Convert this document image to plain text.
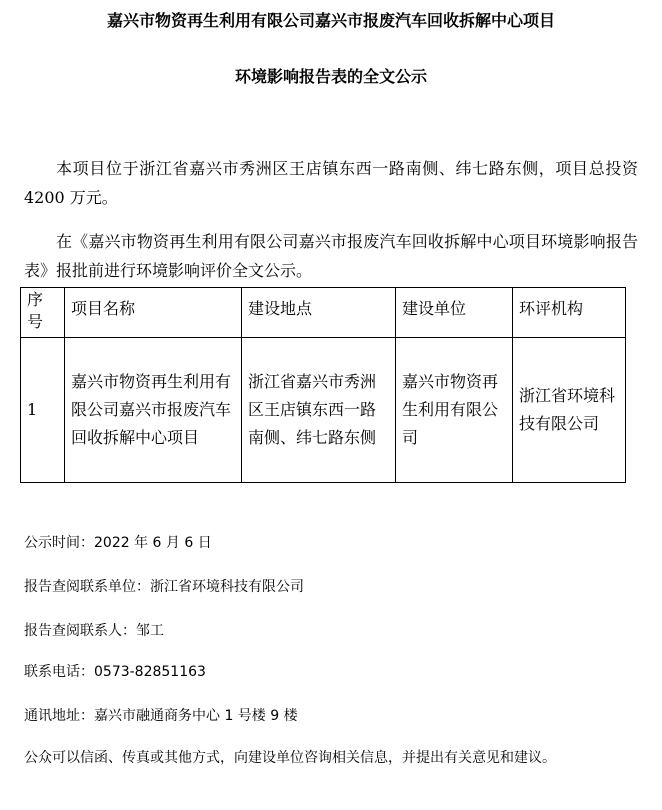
嘉兴市物资再生利用有限公司嘉兴市报废汽车回收拆解中心项目
环境影响报告表的全文公示

本项目位于浙江省嘉兴市秀洲区王店镇东西一路南侧、纬七路东侧，项目总投资 4200 万元。

在《嘉兴市物资再生利用有限公司嘉兴市报废汽车回收拆解中心项目环境影响报告表》报批前进行环境影响评价全文公示。

序号	项目名称	建设地点	建设单位	环评机构
1	嘉兴市物资再生利用有限公司嘉兴市报废汽车回收拆解中心项目	浙江省嘉兴市秀洲区王店镇东西一路南侧、纬七路东侧	嘉兴市物资再生利用有限公司	浙江省环境科技有限公司

公示时间：2022 年 6 月 6 日

报告查阅联系单位：浙江省环境科技有限公司

报告查阅联系人：邹工

联系电话：0573-82851163

通讯地址：嘉兴市融通商务中心 1 号楼 9 楼

公众可以信函、传真或其他方式，向建设单位咨询相关信息，并提出有关意见和建议。
